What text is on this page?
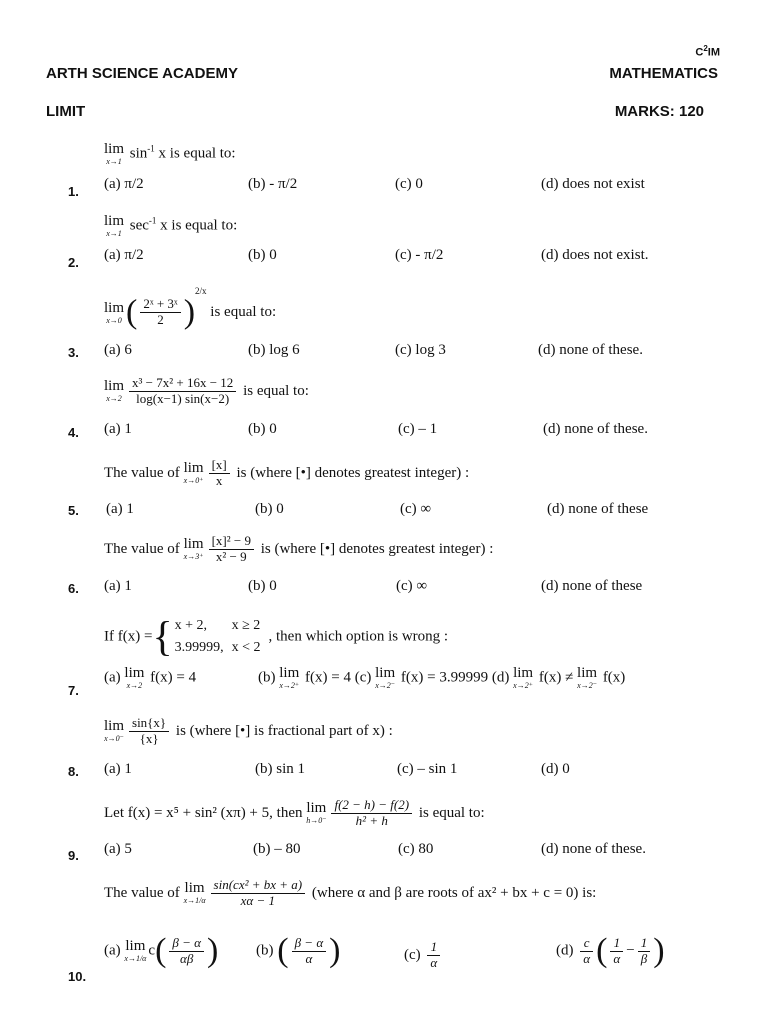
$C^2IM$
ARTH SCIENCE ACADEMY	MATHEMATICS
LIMIT	MARKS: 120
lim
x→1
$\sin^{-1} x$ is equal to:
1. (a) π/2	(b) - π/2	(c) 0	(d) does not exist
lim
x→1
$\sec^{-1} x$ is equal to:
2. (a) π/2	(b) 0	(c) - π/2	(d) does not exist.
lim
x→0 ( $\frac{\text{2ˣ + 3ˣ}}{2} )^{2/x}$ is equal to:
3. (a) 6	(b) log 6	(c) log 3	(d) none of these.
lim
$x\to 2 \frac{\text{x³ − 7x² + 16x − 12}}{\log(x-1) \sin(x-2)}$ is equal to:
4. (a) 1	(b) 0	(c) – 1	(d) none of these.
The value of lim
$x\to 0^+ \frac{[x]}{x}$ is (where [•] denotes greatest integer) :
5. (a) 1	(b) 0	(c) ∞	(d) none of these
The value of lim
$x\to 3^+ \frac{\text{[x]² − 9}}{\text{x² − 9}}$ is (where [•] denotes greatest integer) :
6. (a) 1	(b) 0	(c) ∞	(d) none of these
If f(x) ={ x + 2,	x ≥ 2
3.99999,	x < 2, then which option is wrong :
7.
(a) lim
x→2
f(x) = 4	(b) lim
x→2⁺
f(x) = 4 (c) lim
x→2⁻
f(x) = 3.99999 (d) lim
x→2⁺
f(x) ≠ lim
x→2⁻
f(x)
lim
$x\to 0^- \frac{\sin\{x\}}{\{x\}}$ is (where [•] is fractional part of x) :
8. (a) 1	(b) sin 1	(c) – sin 1	(d) 0
Let f(x) = x⁵ + sin² (xπ) + 5, then lim
$h\to 0^- \frac{f(2 - h) - f(2)}{\text{h² + h}}$ is equal to:
9. (a) 5	(b) – 80	(c) 80	(d) none of these.
The value of lim
$x\to 1/\alpha \frac{\text{sin(cx² + bx + a)}}{x\alpha - 1}$ (where α and β are roots of ax² + bx + c = 0) is:
10.
(a) lim
x→1/α
$c( \frac{\beta - \alpha}{\alpha\beta}$ )	(b) ( $\frac{\beta - \alpha}{\alpha}$ )	$(c) \frac{1}{\alpha}$	$(d) \frac{c}{\alpha}$ ( $\frac{1}{\alpha} - \frac{1}{\beta}$ )
